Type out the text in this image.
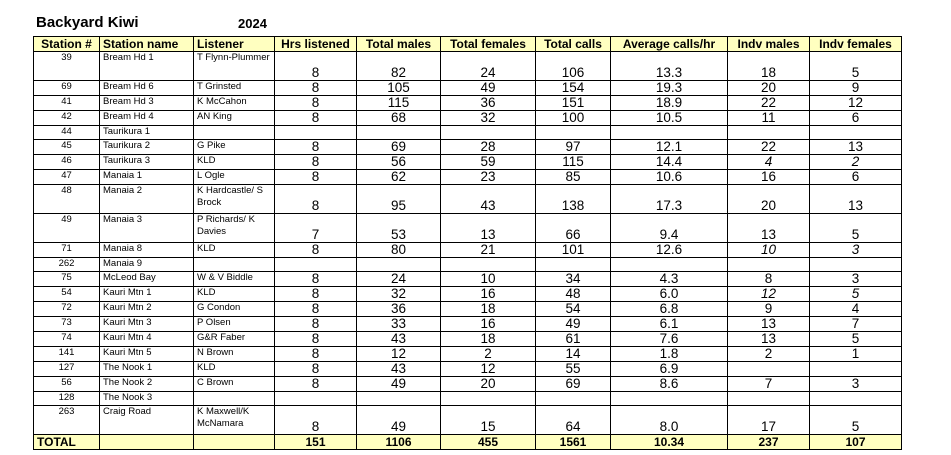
Backyard Kiwi	2024
Station #	Station name	Listener	Hrs listened	Total males	Total females	Total calls	Average calls/hr	Indv males	Indv females
39	Bream Hd 1	T Flynn-Plummer	8	82	24	106	13.3	18	5
69	Bream Hd 6	T Grinsted	8	105	49	154	19.3	20	9
41	Bream Hd 3	K McCahon	8	115	36	151	18.9	22	12
42	Bream Hd 4	AN King	8	68	32	100	10.5	11	6
44	Taurikura 1								
45	Taurikura 2	G Pike	8	69	28	97	12.1	22	13
46	Taurikura 3	KLD	8	56	59	115	14.4	4	2
47	Manaia 1	L Ogle	8	62	23	85	10.6	16	6
48	Manaia 2	K Hardcastle/ S Brock	8	95	43	138	17.3	20	13
49	Manaia 3	P Richards/ K Davies	7	53	13	66	9.4	13	5
71	Manaia 8	KLD	8	80	21	101	12.6	10	3
262	Manaia 9								
75	McLeod Bay	W & V Biddle	8	24	10	34	4.3	8	3
54	Kauri Mtn 1	KLD	8	32	16	48	6.0	12	5
72	Kauri Mtn 2	G Condon	8	36	18	54	6.8	9	4
73	Kauri Mtn 3	P Olsen	8	33	16	49	6.1	13	7
74	Kauri Mtn 4	G&R Faber	8	43	18	61	7.6	13	5
141	Kauri Mtn 5	N Brown	8	12	2	14	1.8	2	1
127	The Nook 1	KLD	8	43	12	55	6.9		
56	The Nook 2	C Brown	8	49	20	69	8.6	7	3
128	The Nook 3								
263	Craig Road	K Maxwell/K McNamara	8	49	15	64	8.0	17	5
TOTAL			151	1106	455	1561	10.34	237	107
